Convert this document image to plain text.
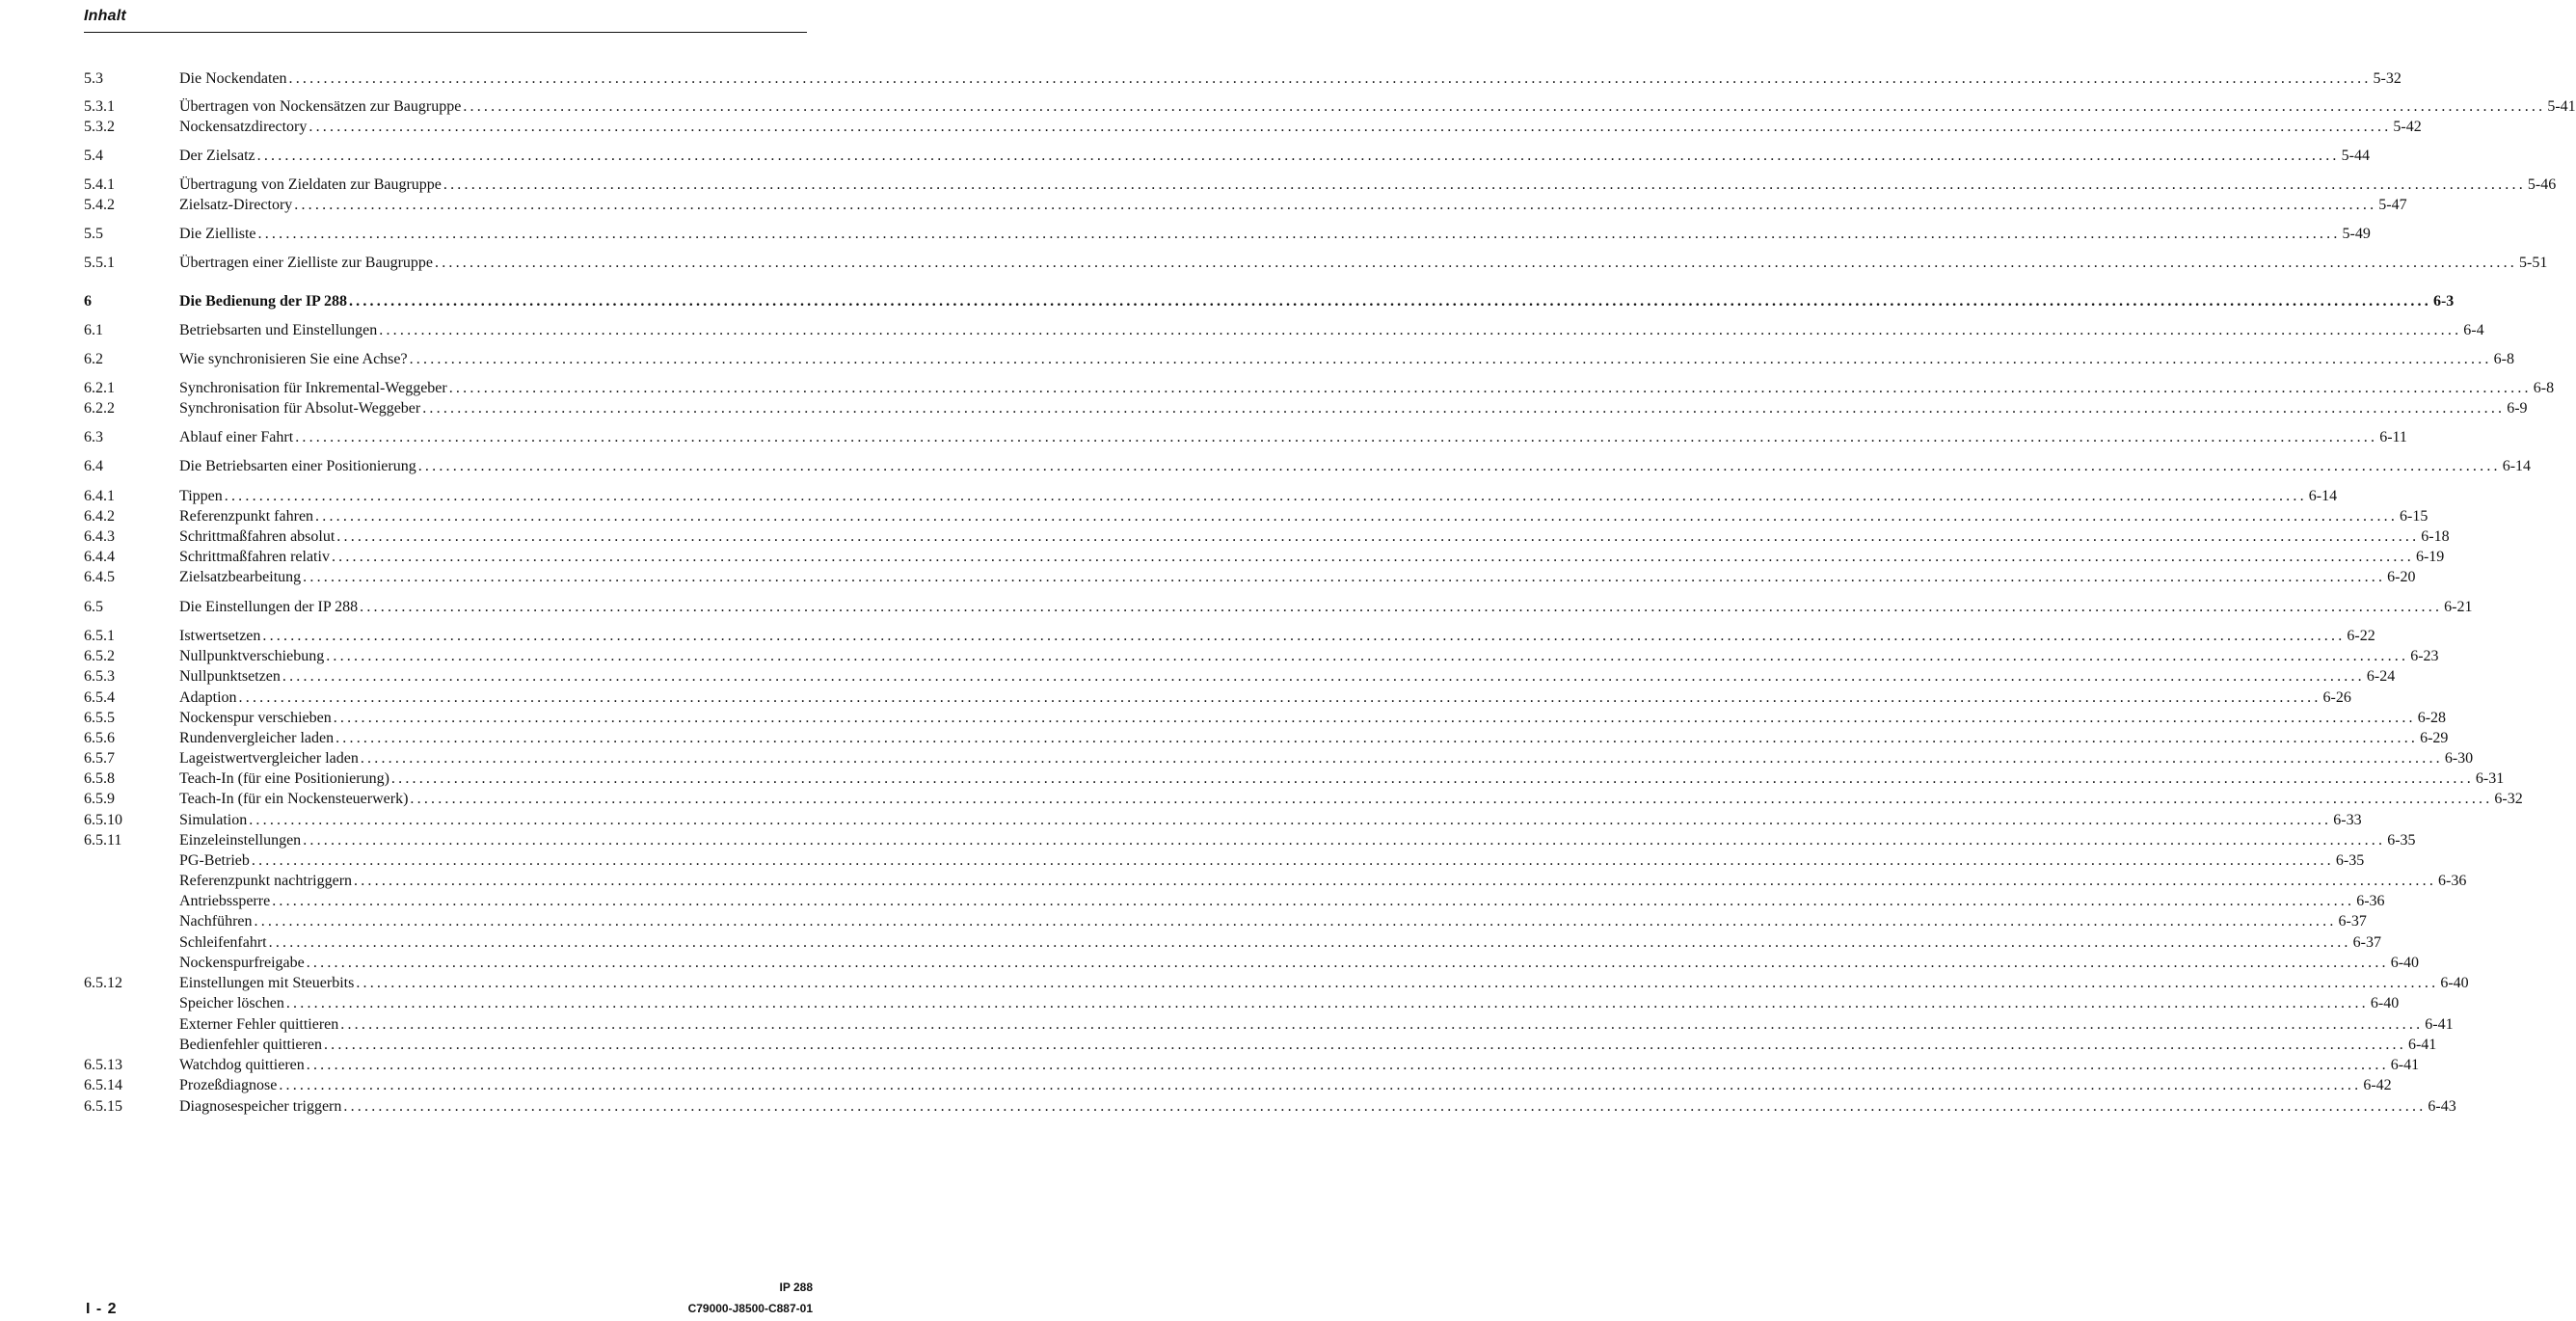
Inhalt
5.3	Die Nockendaten ............................................................................................................................................................................................................................................................................................................ 5-32
5.3.1	Übertragen von Nockensätzen zur Baugruppe ............................................................................................................................................................................................................................................................................................................ 5-41
5.3.2	Nockensatzdirectory ............................................................................................................................................................................................................................................................................................................ 5-42
5.4	Der Zielsatz ............................................................................................................................................................................................................................................................................................................ 5-44
5.4.1	Übertragung von Zieldaten zur Baugruppe ............................................................................................................................................................................................................................................................................................................ 5-46
5.4.2	Zielsatz-Directory ............................................................................................................................................................................................................................................................................................................ 5-47
5.5	Die Zielliste ............................................................................................................................................................................................................................................................................................................ 5-49
5.5.1	Übertragen einer Zielliste zur Baugruppe ............................................................................................................................................................................................................................................................................................................ 5-51
6	Die Bedienung der IP 288 ............................................................................................................................................................................................................................................................................................................ 6-3
6.1	Betriebsarten und Einstellungen ............................................................................................................................................................................................................................................................................................................ 6-4
6.2	Wie synchronisieren Sie eine Achse? ............................................................................................................................................................................................................................................................................................................ 6-8
6.2.1	Synchronisation für Inkremental-Weggeber ............................................................................................................................................................................................................................................................................................................ 6-8
6.2.2	Synchronisation für Absolut-Weggeber ............................................................................................................................................................................................................................................................................................................ 6-9
6.3	Ablauf einer Fahrt ............................................................................................................................................................................................................................................................................................................ 6-11
6.4	Die Betriebsarten einer Positionierung ............................................................................................................................................................................................................................................................................................................ 6-14
6.4.1	Tippen ............................................................................................................................................................................................................................................................................................................ 6-14
6.4.2	Referenzpunkt fahren ............................................................................................................................................................................................................................................................................................................ 6-15
6.4.3	Schrittmaßfahren absolut ............................................................................................................................................................................................................................................................................................................ 6-18
6.4.4	Schrittmaßfahren relativ ............................................................................................................................................................................................................................................................................................................ 6-19
6.4.5	Zielsatzbearbeitung ............................................................................................................................................................................................................................................................................................................ 6-20
6.5	Die Einstellungen der IP 288 ............................................................................................................................................................................................................................................................................................................ 6-21
6.5.1	Istwertsetzen ............................................................................................................................................................................................................................................................................................................ 6-22
6.5.2	Nullpunktverschiebung ............................................................................................................................................................................................................................................................................................................ 6-23
6.5.3	Nullpunktsetzen ............................................................................................................................................................................................................................................................................................................ 6-24
6.5.4	Adaption ............................................................................................................................................................................................................................................................................................................ 6-26
6.5.5	Nockenspur verschieben ............................................................................................................................................................................................................................................................................................................ 6-28
6.5.6	Rundenvergleicher laden ............................................................................................................................................................................................................................................................................................................ 6-29
6.5.7	Lageistwertvergleicher laden ............................................................................................................................................................................................................................................................................................................ 6-30
6.5.8	Teach-In (für eine Positionierung) ............................................................................................................................................................................................................................................................................................................ 6-31
6.5.9	Teach-In (für ein Nockensteuerwerk) ............................................................................................................................................................................................................................................................................................................ 6-32
6.5.10	Simulation ............................................................................................................................................................................................................................................................................................................ 6-33
6.5.11	Einzeleinstellungen ............................................................................................................................................................................................................................................................................................................ 6-35
PG-Betrieb ............................................................................................................................................................................................................................................................................................................ 6-35
Referenzpunkt nachtriggern ............................................................................................................................................................................................................................................................................................................ 6-36
Antriebssperre ............................................................................................................................................................................................................................................................................................................ 6-36
Nachführen ............................................................................................................................................................................................................................................................................................................ 6-37
Schleifenfahrt ............................................................................................................................................................................................................................................................................................................ 6-37
Nockenspurfreigabe ............................................................................................................................................................................................................................................................................................................ 6-40
6.5.12	Einstellungen mit Steuerbits ............................................................................................................................................................................................................................................................................................................ 6-40
Speicher löschen ............................................................................................................................................................................................................................................................................................................ 6-40
Externer Fehler quittieren ............................................................................................................................................................................................................................................................................................................ 6-41
Bedienfehler quittieren ............................................................................................................................................................................................................................................................................................................ 6-41
6.5.13	Watchdog quittieren ............................................................................................................................................................................................................................................................................................................ 6-41
6.5.14	Prozeßdiagnose ............................................................................................................................................................................................................................................................................................................ 6-42
6.5.15	Diagnosespeicher triggern ............................................................................................................................................................................................................................................................................................................ 6-43
I - 2
IP 288
C79000-J8500-C887-01
